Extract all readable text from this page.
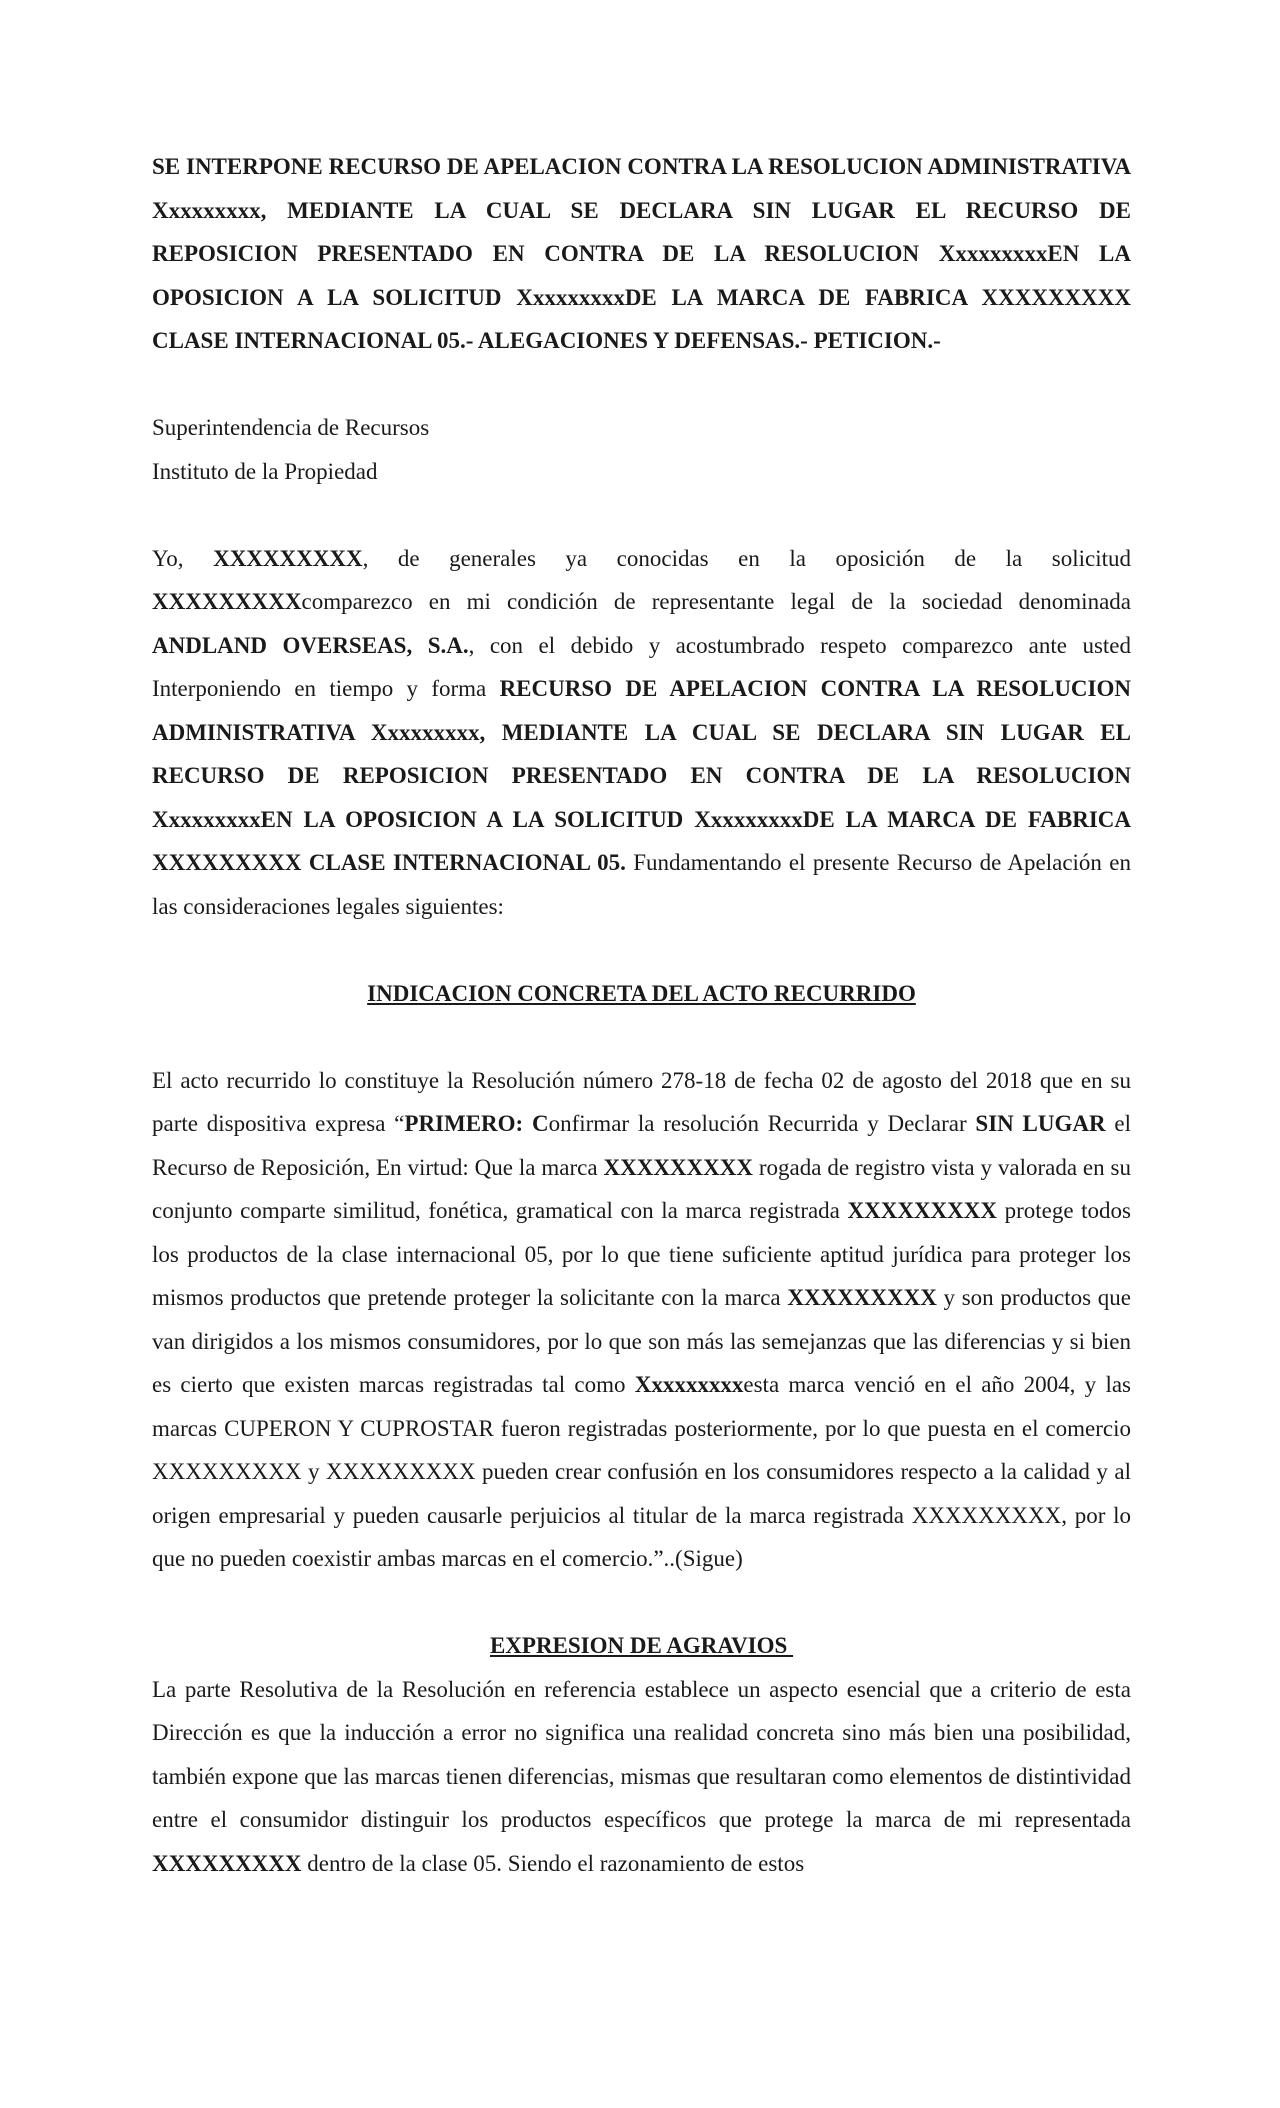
SE INTERPONE RECURSO DE APELACION CONTRA LA RESOLUCION ADMINISTRATIVA Xxxxxxxxx, MEDIANTE LA CUAL SE DECLARA SIN LUGAR EL RECURSO DE REPOSICION PRESENTADO EN CONTRA DE LA RESOLUCION XxxxxxxxxEN LA OPOSICION A LA SOLICITUD XxxxxxxxxDE LA MARCA DE FABRICA XXXXXXXXX CLASE INTERNACIONAL 05.- ALEGACIONES Y DEFENSAS.- PETICION.-

Superintendencia de Recursos

Instituto de la Propiedad

Yo, XXXXXXXXX, de generales ya conocidas en la oposición de la solicitud XXXXXXXXXcomparezco en mi condición de representante legal de la sociedad denominada ANDLAND OVERSEAS, S.A., con el debido y acostumbrado respeto comparezco ante usted Interponiendo en tiempo y forma RECURSO DE APELACION CONTRA LA RESOLUCION ADMINISTRATIVA Xxxxxxxxx, MEDIANTE LA CUAL SE DECLARA SIN LUGAR EL RECURSO DE REPOSICION PRESENTADO EN CONTRA DE LA RESOLUCION XxxxxxxxxEN LA OPOSICION A LA SOLICITUD XxxxxxxxxDE LA MARCA DE FABRICA XXXXXXXXX CLASE INTERNACIONAL 05. Fundamentando el presente Recurso de Apelación en las consideraciones legales siguientes:

INDICACION CONCRETA DEL ACTO RECURRIDO

El acto recurrido lo constituye la Resolución número 278-18 de fecha 02 de agosto del 2018 que en su parte dispositiva expresa “PRIMERO: Confirmar la resolución Recurrida y Declarar SIN LUGAR el Recurso de Reposición, En virtud: Que la marca XXXXXXXXX rogada de registro vista y valorada en su conjunto comparte similitud, fonética, gramatical con la marca registrada XXXXXXXXX protege todos los productos de la clase internacional 05, por lo que tiene suficiente aptitud jurídica para proteger los mismos productos que pretende proteger la solicitante con la marca XXXXXXXXX y son productos que van dirigidos a los mismos consumidores, por lo que son más las semejanzas que las diferencias y si bien es cierto que existen marcas registradas tal como Xxxxxxxxxesta marca venció en el año 2004, y las marcas CUPERON Y CUPROSTAR fueron registradas posteriormente, por lo que puesta en el comercio XXXXXXXXX y XXXXXXXXX pueden crear confusión en los consumidores respecto a la calidad y al origen empresarial y pueden causarle perjuicios al titular de la marca registrada XXXXXXXXX, por lo que no pueden coexistir ambas marcas en el comercio.”..(Sigue)

EXPRESION DE AGRAVIOS

La parte Resolutiva de la Resolución en referencia establece un aspecto esencial que a criterio de esta Dirección es que la inducción a error no significa una realidad concreta sino más bien una posibilidad, también expone que las marcas tienen diferencias, mismas que resultaran como elementos de distintividad entre el consumidor distinguir los productos específicos que protege la marca de mi representada XXXXXXXXX dentro de la clase 05. Siendo el razonamiento de estos
